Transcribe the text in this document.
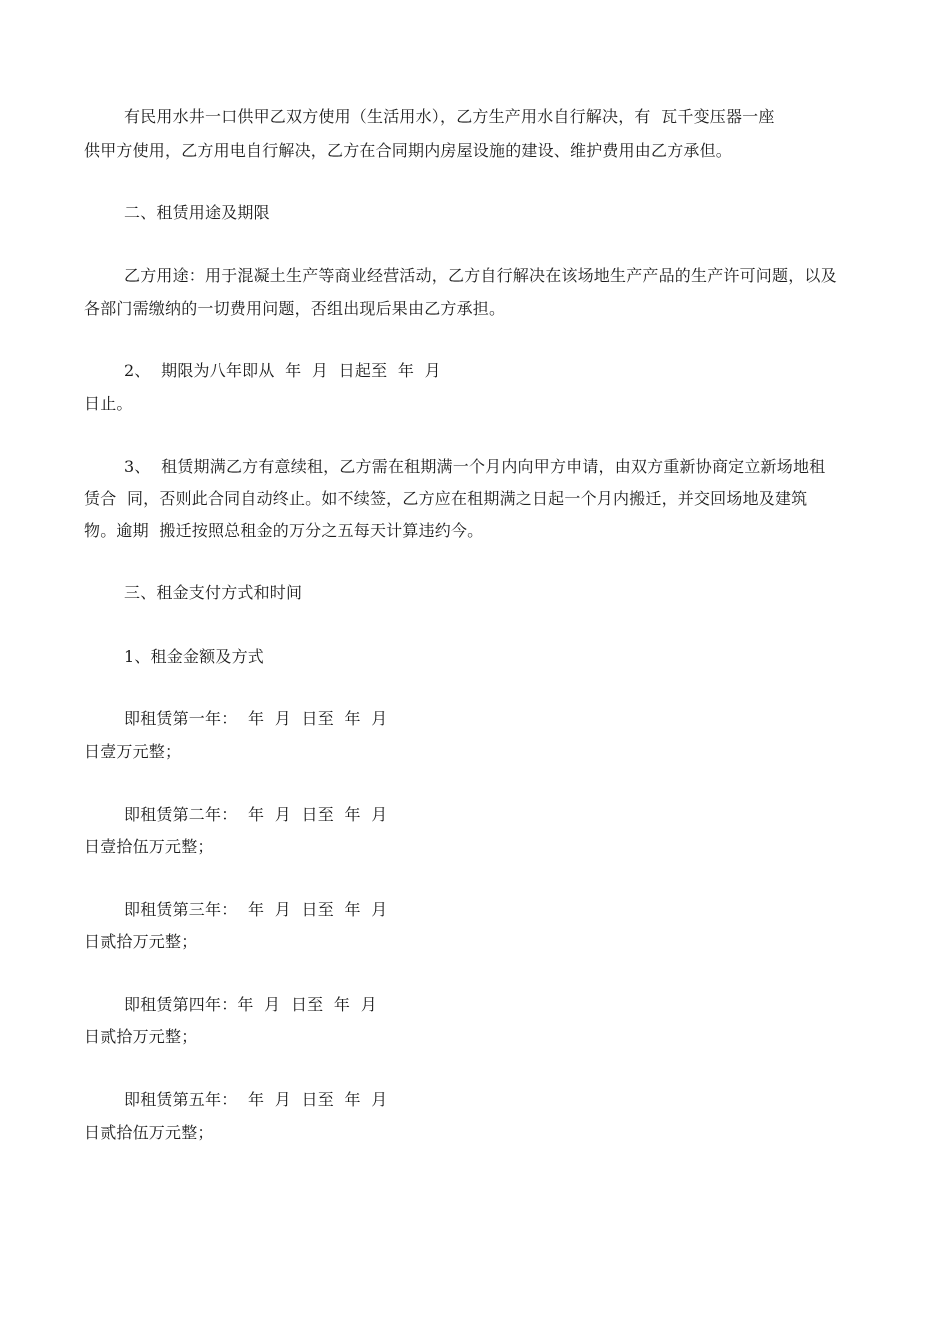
有民用水井一口供甲乙双方使用（生活用水），乙方生产用水自行解决，有  瓦千变压器一座
供甲方使用，乙方用电自行解决，乙方在合同期内房屋设施的建设、维护费用由乙方承但。
二、租赁用途及期限
乙方用途：用于混凝土生产等商业经营活动，乙方自行解决在该场地生产产品的生产许可问题，以及
各部门需缴纳的一切费用问题，否组出现后果由乙方承担。
2、  期限为八年即从  年  月  日起至  年  月
日止。
3、  租赁期满乙方有意续租，乙方需在租期满一个月内向甲方申请，由双方重新协商定立新场地租
赁合  同，否则此合同自动终止。如不续签，乙方应在租期满之日起一个月内搬迁，并交回场地及建筑
物。逾期  搬迁按照总租金的万分之五每天计算违约今。
三、租金支付方式和时间
1、租金金额及方式
即租赁第一年：  年  月  日至  年  月
日壹万元整；
即租赁第二年：  年  月  日至  年  月
日壹拾伍万元整；
即租赁第三年：  年  月  日至  年  月
日贰拾万元整；
即租赁第四年：年  月  日至  年  月
日贰拾万元整；
即租赁第五年：  年  月  日至  年  月
日贰拾伍万元整；
